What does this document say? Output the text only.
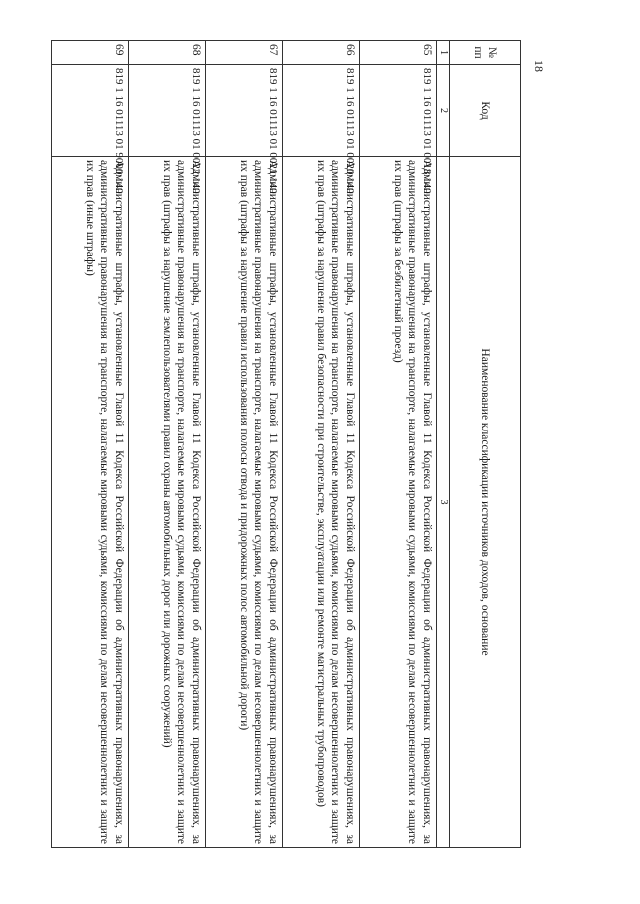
18
№ пп	Код	Наименование классификации источников доходов, основание
1	2	3
65	819 1 16 01113 01 0018 140	Административные штрафы, установленные Главой 11 Кодекса Российской Федерации об административных правонарушениях, за административные правонарушения на транспорте, налагаемые мировыми судьями, комиссиями по делам несовершеннолетних и защите их прав (штрафы за безбилетный проезд)
66	819 1 16 01113 01 0020 140	Административные штрафы, установленные Главой 11 Кодекса Российской Федерации об административных правонарушениях, за административные правонарушения на транспорте, налагаемые мировыми судьями, комиссиями по делам несовершеннолетних и защите их прав (штрафы за нарушение правил безопасности при строительстве, эксплуатации или ремонте магистральных трубопроводов)
67	819 1 16 01113 01 0021 140	Административные штрафы, установленные Главой 11 Кодекса Российской Федерации об административных правонарушениях, за административные правонарушения на транспорте, налагаемые мировыми судьями, комиссиями по делам несовершеннолетних и защите их прав (штрафы за нарушение правил использования полосы отвода и придорожных полос автомобильной дороги)
68	819 1 16 01113 01 0022 140	Административные штрафы, установленные Главой 11 Кодекса Российской Федерации об административных правонарушениях, за административные правонарушения на транспорте, налагаемые мировыми судьями, комиссиями по делам несовершеннолетних и защите их прав (штрафы за нарушение землепользователями правил охраны автомобильных дорог или дорожных сооружений)
69	819 1 16 01113 01 9000 140	Административные штрафы, установленные Главой 11 Кодекса Российской Федерации об административных правонарушениях, за административные правонарушения на транспорте, налагаемые мировыми судьями, комиссиями по делам несовершеннолетних и защите их прав (иные штрафы)
